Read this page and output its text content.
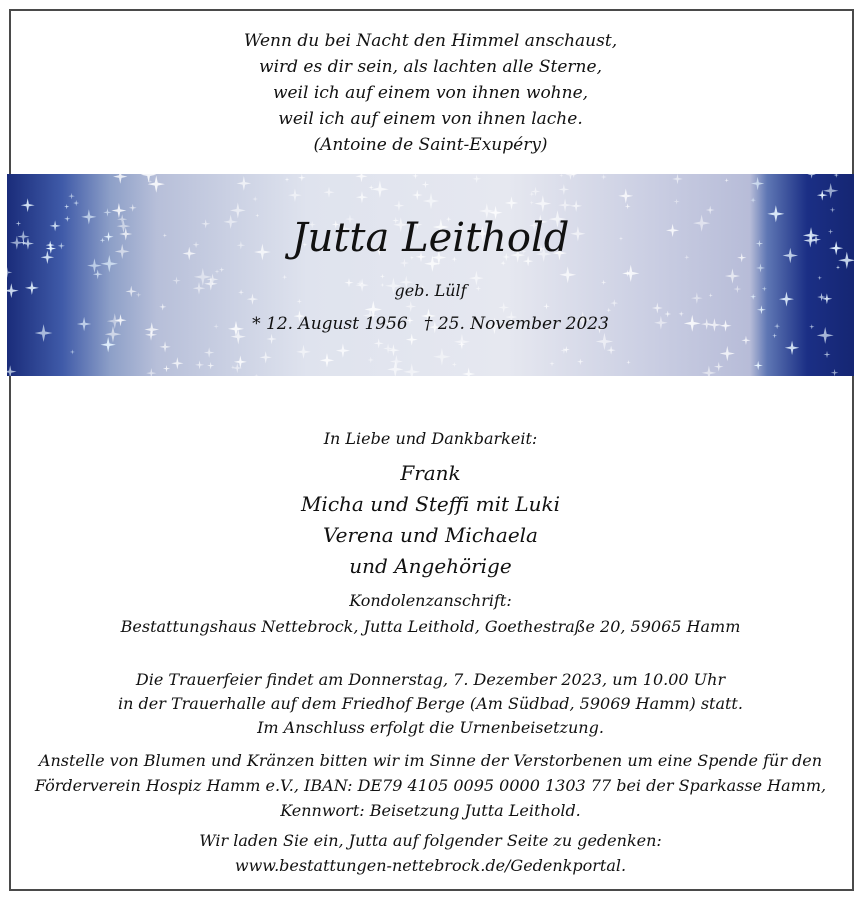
Wenn du bei Nacht den Himmel anschaust,
wird es dir sein, als lachten alle Sterne,
weil ich auf einem von ihnen wohne,
weil ich auf einem von ihnen lache.
(Antoine de Saint-Exupéry)
Jutta Leithold
geb. Lülf
* 12. August 1956   † 25. November 2023
In Liebe und Dankbarkeit:
Frank
Micha und Steffi mit Luki
Verena und Michaela
und Angehörige
Kondolenzanschrift:
Bestattungshaus Nettebrock, Jutta Leithold, Goethestraße 20, 59065 Hamm
Die Trauerfeier findet am Donnerstag, 7. Dezember 2023, um 10.00 Uhr
in der Trauerhalle auf dem Friedhof Berge (Am Südbad, 59069 Hamm) statt.
Im Anschluss erfolgt die Urnenbeisetzung.
Anstelle von Blumen und Kränzen bitten wir im Sinne der Verstorbenen um eine Spende für den
Förderverein Hospiz Hamm e.V., IBAN: DE79 4105 0095 0000 1303 77 bei der Sparkasse Hamm,
Kennwort: Beisetzung Jutta Leithold.
Wir laden Sie ein, Jutta auf folgender Seite zu gedenken:
www.bestattungen-nettebrock.de/Gedenkportal.
